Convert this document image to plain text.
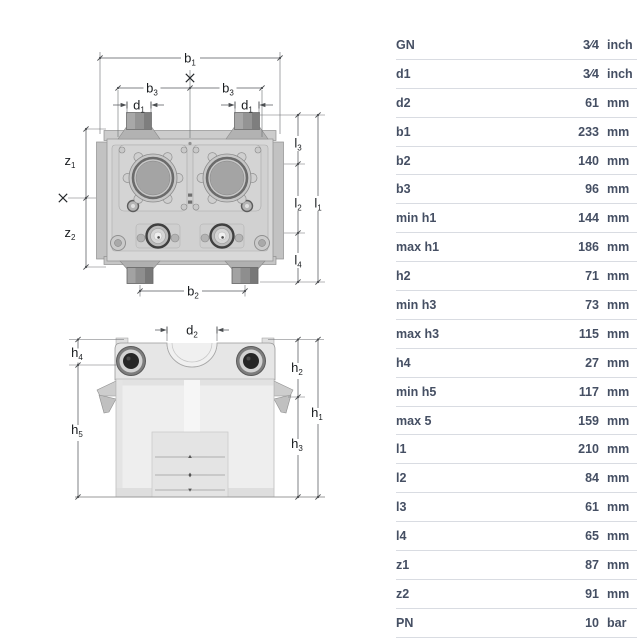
$b_1$
$b_3$	$b_3$
$d_1$	$d_1$
$z_1$
$z_2$
$l_3$
$l_2$ $l_1$
$l_4$
$b_2$
$d_2$
$h_4$
$h_5$
$h_2$
$h_3$
$h_1$
GN	3⁄4 inch
d1	3⁄4 inch
d2	61 mm
b1	233 mm
b2	140 mm
b3	96 mm
min h1	144 mm
max h1	186 mm
h2	71 mm
min h3	73 mm
max h3	115 mm
h4	27 mm
min h5	117 mm
max 5	159 mm
l1	210 mm
l2	84 mm
l3	61 mm
l4	65 mm
z1	87 mm
z2	91 mm
PN	10 bar
